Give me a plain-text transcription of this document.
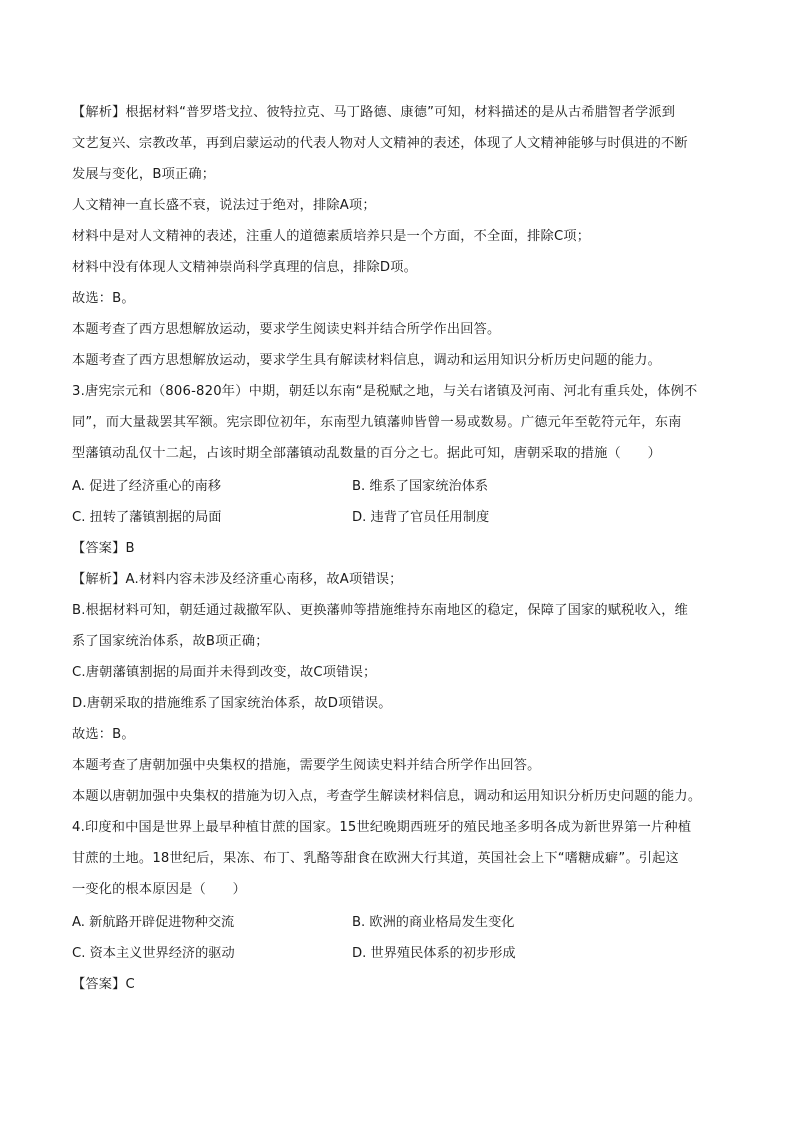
【解析】根据材料“普罗塔戈拉、彼特拉克、马丁路德、康德”可知，材料描述的是从古希腊智者学派到
文艺复兴、宗教改革，再到启蒙运动的代表人物对人文精神的表述，体现了人文精神能够与时俱进的不断
发展与变化，B项正确；
人文精神一直长盛不衰，说法过于绝对，排除A项；
材料中是对人文精神的表述，注重人的道德素质培养只是一个方面，不全面，排除C项；
材料中没有体现人文精神崇尚科学真理的信息，排除D项。
故选：B。
本题考查了西方思想解放运动，要求学生阅读史料并结合所学作出回答。
本题考查了西方思想解放运动，要求学生具有解读材料信息，调动和运用知识分析历史问题的能力。
3.唐宪宗元和（806-820年）中期，朝廷以东南“是税赋之地，与关右诸镇及河南、河北有重兵处，体例不
同”，而大量裁罢其军额。宪宗即位初年，东南型九镇藩帅皆曾一易或数易。广德元年至乾符元年，东南
型藩镇动乱仅十二起，占该时期全部藩镇动乱数量的百分之七。据此可知，唐朝采取的措施（　　）
A. 促进了经济重心的南移	B. 维系了国家统治体系
C. 扭转了藩镇割据的局面	D. 违背了官员任用制度
【答案】B
【解析】A.材料内容未涉及经济重心南移，故A项错误；
B.根据材料可知，朝廷通过裁撤军队、更换藩帅等措施维持东南地区的稳定，保障了国家的赋税收入，维
系了国家统治体系，故B项正确；
C.唐朝藩镇割据的局面并未得到改变，故C项错误；
D.唐朝采取的措施维系了国家统治体系，故D项错误。
故选：B。
本题考查了唐朝加强中央集权的措施，需要学生阅读史料并结合所学作出回答。
本题以唐朝加强中央集权的措施为切入点，考查学生解读材料信息，调动和运用知识分析历史问题的能力。
4.印度和中国是世界上最早种植甘蔗的国家。15世纪晚期西班牙的殖民地圣多明各成为新世界第一片种植
甘蔗的土地。18世纪后，果冻、布丁、乳酪等甜食在欧洲大行其道，英国社会上下“嗜糖成癖”。引起这
一变化的根本原因是（　　）
A. 新航路开辟促进物种交流	B. 欧洲的商业格局发生变化
C. 资本主义世界经济的驱动	D. 世界殖民体系的初步形成
【答案】C
